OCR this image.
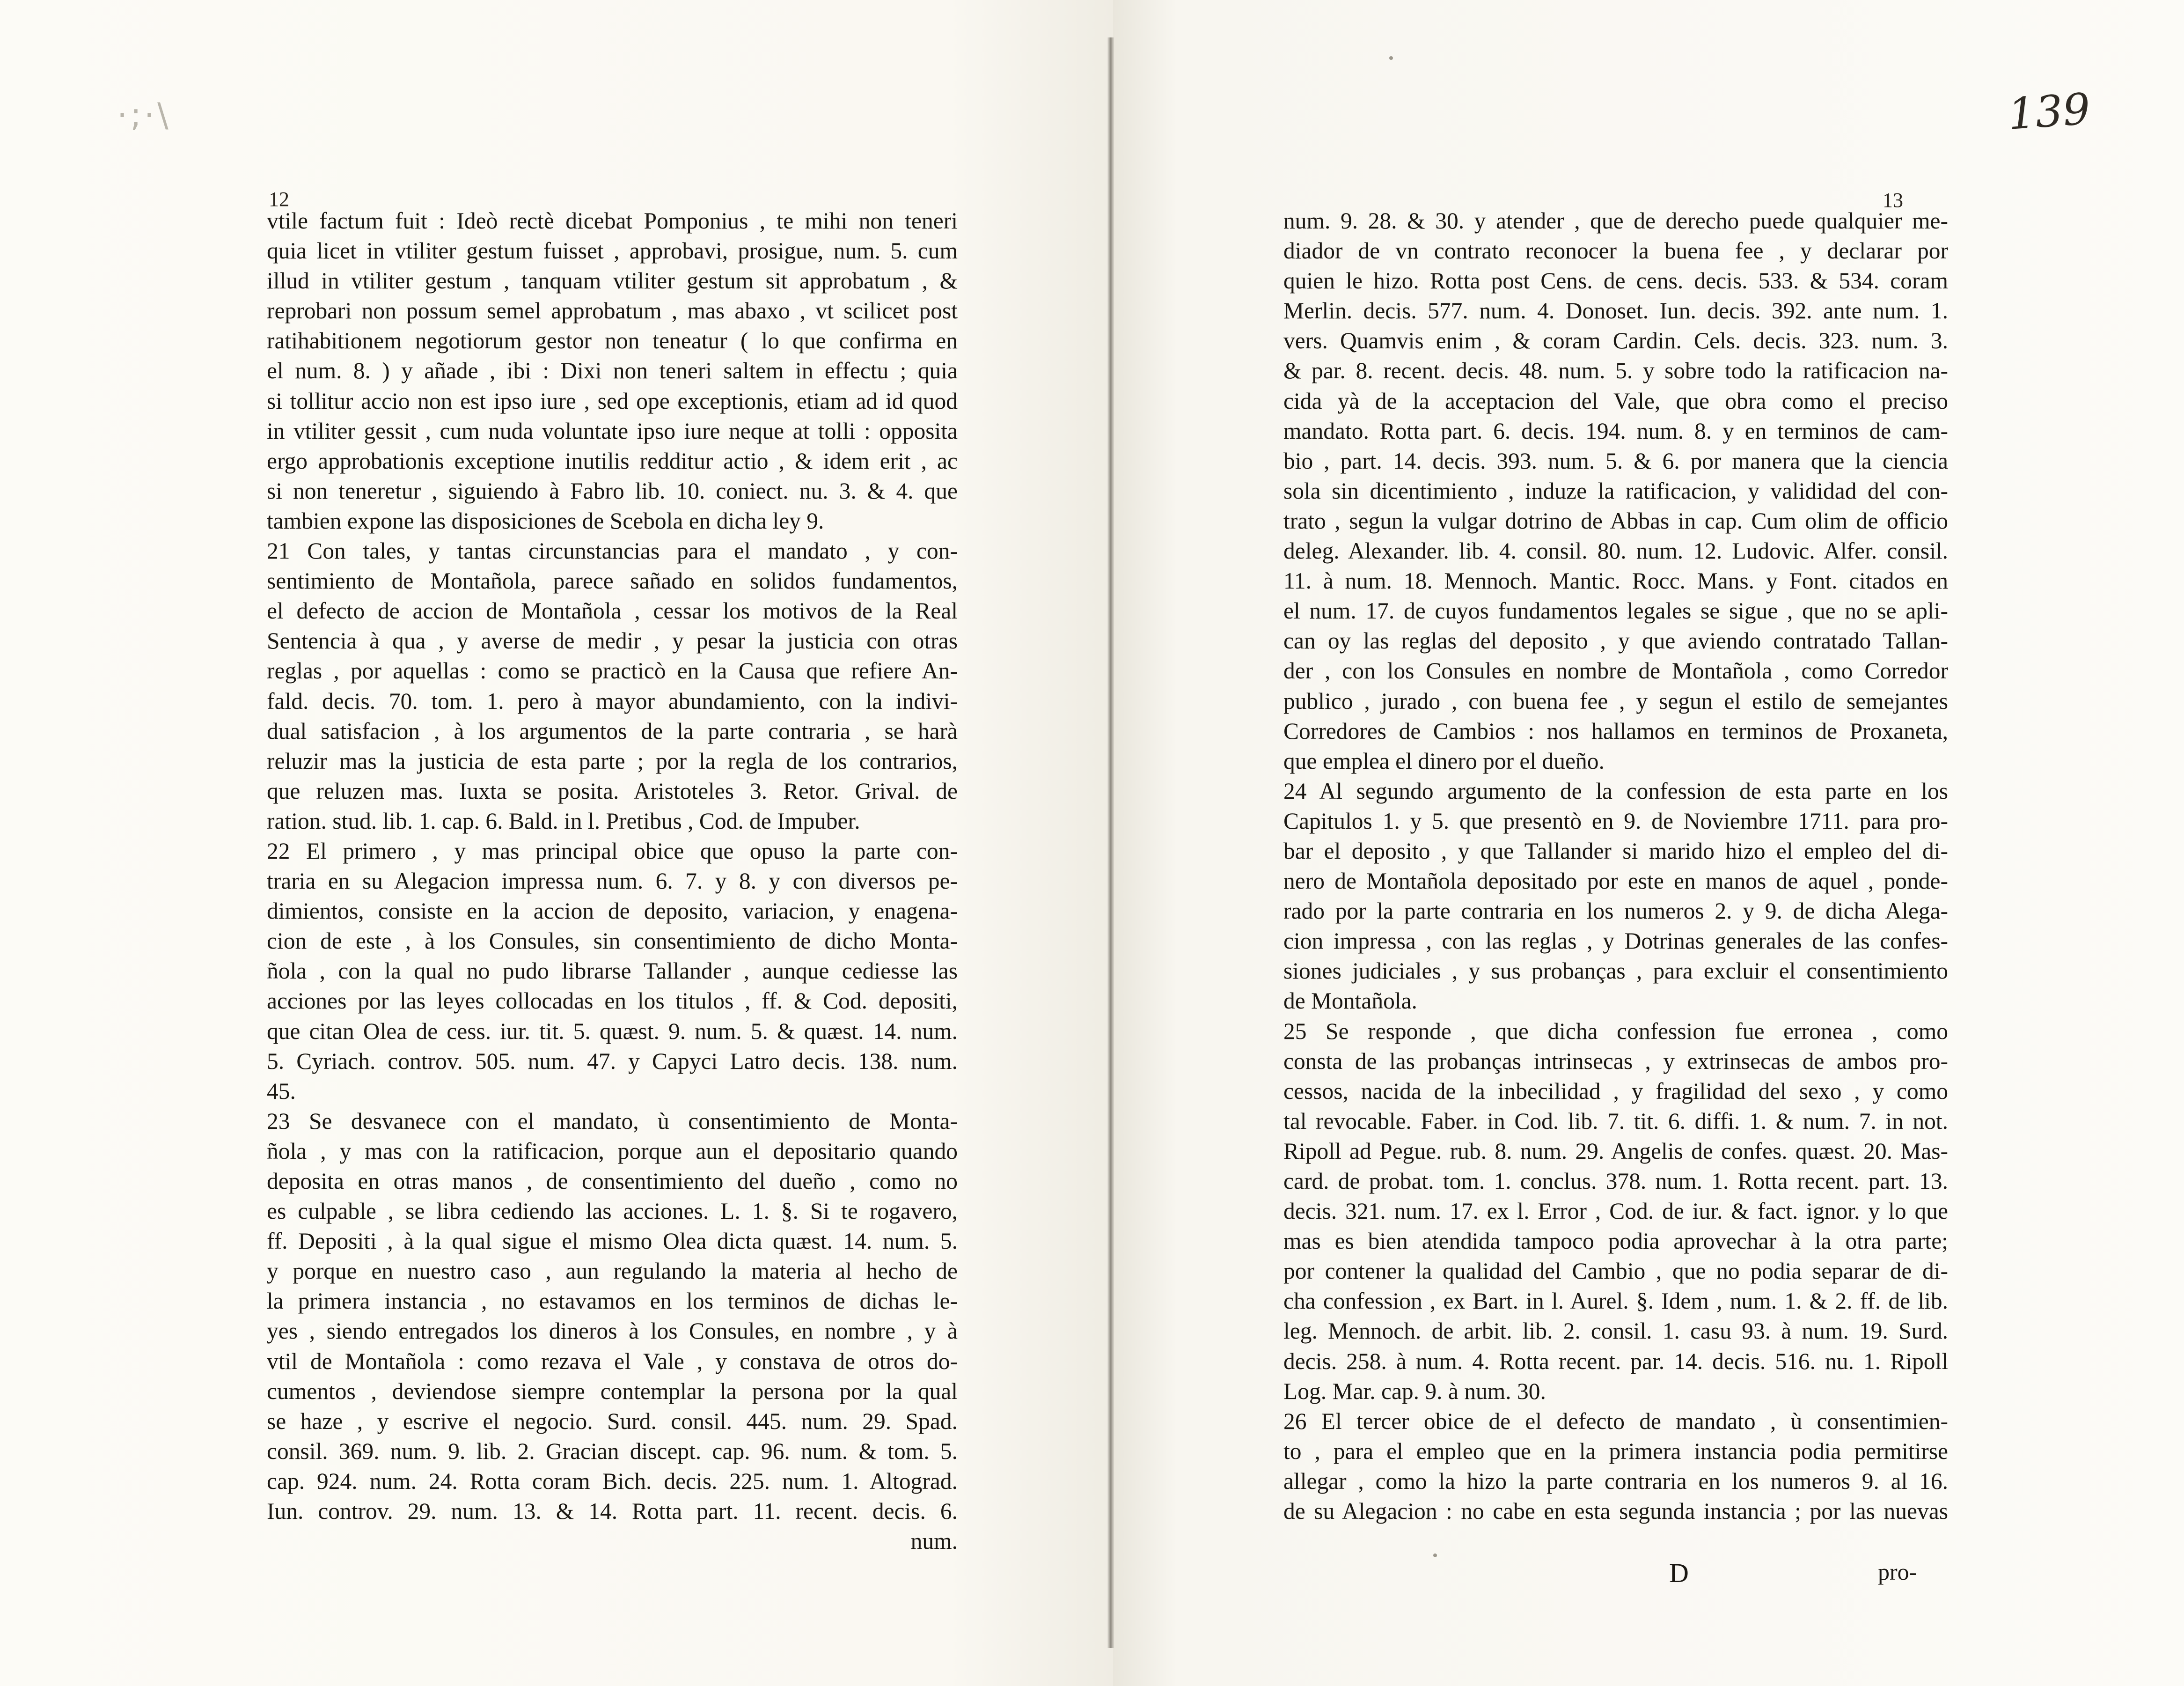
·;·\	139
12	13
vtile factum fuit : Ideò rectè dicebat Pomponius , te mihi non teneri
quia licet in vtiliter gestum fuisset , approbavi, prosigue, num. 5. cum
illud in vtiliter gestum , tanquam vtiliter gestum sit approbatum , &
reprobari non possum semel approbatum , mas abaxo , vt scilicet post
ratihabitionem negotiorum gestor non teneatur ( lo que confirma en
el num. 8. ) y añade , ibi : Dixi non teneri saltem in effectu ; quia
si tollitur accio non est ipso iure , sed ope exceptionis, etiam ad id quod
in vtiliter gessit , cum nuda voluntate ipso iure neque at tolli : opposita
ergo approbationis exceptione inutilis redditur actio , & idem erit , ac
si non teneretur , siguiendo à Fabro lib. 10. coniect. nu. 3. & 4. que
tambien expone las disposiciones de Scebola en dicha ley 9.
21 Con tales, y tantas circunstancias para el mandato , y con-
sentimiento de Montañola, parece sañado en solidos fundamentos,
el defecto de accion de Montañola , cessar los motivos de la Real
Sentencia à qua , y averse de medir , y pesar la justicia con otras
reglas , por aquellas : como se practicò en la Causa que refiere An-
fald. decis. 70. tom. 1. pero à mayor abundamiento, con la indivi-
dual satisfacion , à los argumentos de la parte contraria , se harà
reluzir mas la justicia de esta parte ; por la regla de los contrarios,
que reluzen mas. Iuxta se posita. Aristoteles 3. Retor. Grival. de
ration. stud. lib. 1. cap. 6. Bald. in l. Pretibus , Cod. de Impuber.
22 El primero , y mas principal obice que opuso la parte con-
traria en su Alegacion impressa num. 6. 7. y 8. y con diversos pe-
dimientos, consiste en la accion de deposito, variacion, y enagena-
cion de este , à los Consules, sin consentimiento de dicho Monta-
ñola , con la qual no pudo librarse Tallander , aunque cediesse las
acciones por las leyes collocadas en los titulos , ff. & Cod. depositi,
que citan Olea de cess. iur. tit. 5. quæst. 9. num. 5. & quæst. 14. num.
5. Cyriach. controv. 505. num. 47. y Capyci Latro decis. 138. num.
45.
23 Se desvanece con el mandato, ù consentimiento de Monta-
ñola , y mas con la ratificacion, porque aun el depositario quando
deposita en otras manos , de consentimiento del dueño , como no
es culpable , se libra cediendo las acciones. L. 1. §. Si te rogavero,
ff. Depositi , à la qual sigue el mismo Olea dicta quæst. 14. num. 5.
y porque en nuestro caso , aun regulando la materia al hecho de
la primera instancia , no estavamos en los terminos de dichas le-
yes , siendo entregados los dineros à los Consules, en nombre , y à
vtil de Montañola : como rezava el Vale , y constava de otros do-
cumentos , deviendose siempre contemplar la persona por la qual
se haze , y escrive el negocio. Surd. consil. 445. num. 29. Spad.
consil. 369. num. 9. lib. 2. Gracian discept. cap. 96. num. & tom. 5.
cap. 924. num. 24. Rotta coram Bich. decis. 225. num. 1. Altograd.
Iun. controv. 29. num. 13. & 14. Rotta part. 11. recent. decis. 6.
num.
num. 9. 28. & 30. y atender , que de derecho puede qualquier me-
diador de vn contrato reconocer la buena fee , y declarar por
quien le hizo. Rotta post Cens. de cens. decis. 533. & 534. coram
Merlin. decis. 577. num. 4. Donoset. Iun. decis. 392. ante num. 1.
vers. Quamvis enim , & coram Cardin. Cels. decis. 323. num. 3.
& par. 8. recent. decis. 48. num. 5. y sobre todo la ratificacion na-
cida yà de la acceptacion del Vale, que obra como el preciso
mandato. Rotta part. 6. decis. 194. num. 8. y en terminos de cam-
bio , part. 14. decis. 393. num. 5. & 6. por manera que la ciencia
sola sin dicentimiento , induze la ratificacion, y valididad del con-
trato , segun la vulgar dotrino de Abbas in cap. Cum olim de officio
deleg. Alexander. lib. 4. consil. 80. num. 12. Ludovic. Alfer. consil.
11. à num. 18. Mennoch. Mantic. Rocc. Mans. y Font. citados en
el num. 17. de cuyos fundamentos legales se sigue , que no se apli-
can oy las reglas del deposito , y que aviendo contratado Tallan-
der , con los Consules en nombre de Montañola , como Corredor
publico , jurado , con buena fee , y segun el estilo de semejantes
Corredores de Cambios : nos hallamos en terminos de Proxaneta,
que emplea el dinero por el dueño.
24 Al segundo argumento de la confession de esta parte en los
Capitulos 1. y 5. que presentò en 9. de Noviembre 1711. para pro-
bar el deposito , y que Tallander si marido hizo el empleo del di-
nero de Montañola depositado por este en manos de aquel , ponde-
rado por la parte contraria en los numeros 2. y 9. de dicha Alega-
cion impressa , con las reglas , y Dotrinas generales de las confes-
siones judiciales , y sus probanças , para excluir el consentimiento
de Montañola.
25 Se responde , que dicha confession fue erronea , como
consta de las probanças intrinsecas , y extrinsecas de ambos pro-
cessos, nacida de la inbecilidad , y fragilidad del sexo , y como
tal revocable. Faber. in Cod. lib. 7. tit. 6. diffi. 1. & num. 7. in not.
Ripoll ad Pegue. rub. 8. num. 29. Angelis de confes. quæst. 20. Mas-
card. de probat. tom. 1. conclus. 378. num. 1. Rotta recent. part. 13.
decis. 321. num. 17. ex l. Error , Cod. de iur. & fact. ignor. y lo que
mas es bien atendida tampoco podia aprovechar à la otra parte;
por contener la qualidad del Cambio , que no podia separar de di-
cha confession , ex Bart. in l. Aurel. §. Idem , num. 1. & 2. ff. de lib.
leg. Mennoch. de arbit. lib. 2. consil. 1. casu 93. à num. 19. Surd.
decis. 258. à num. 4. Rotta recent. par. 14. decis. 516. nu. 1. Ripoll
Log. Mar. cap. 9. à num. 30.
26 El tercer obice de el defecto de mandato , ù consentimien-
to , para el empleo que en la primera instancia podia permitirse
allegar , como la hizo la parte contraria en los numeros 9. al 16.
de su Alegacion : no cabe en esta segunda instancia ; por las nuevas
D	pro-
